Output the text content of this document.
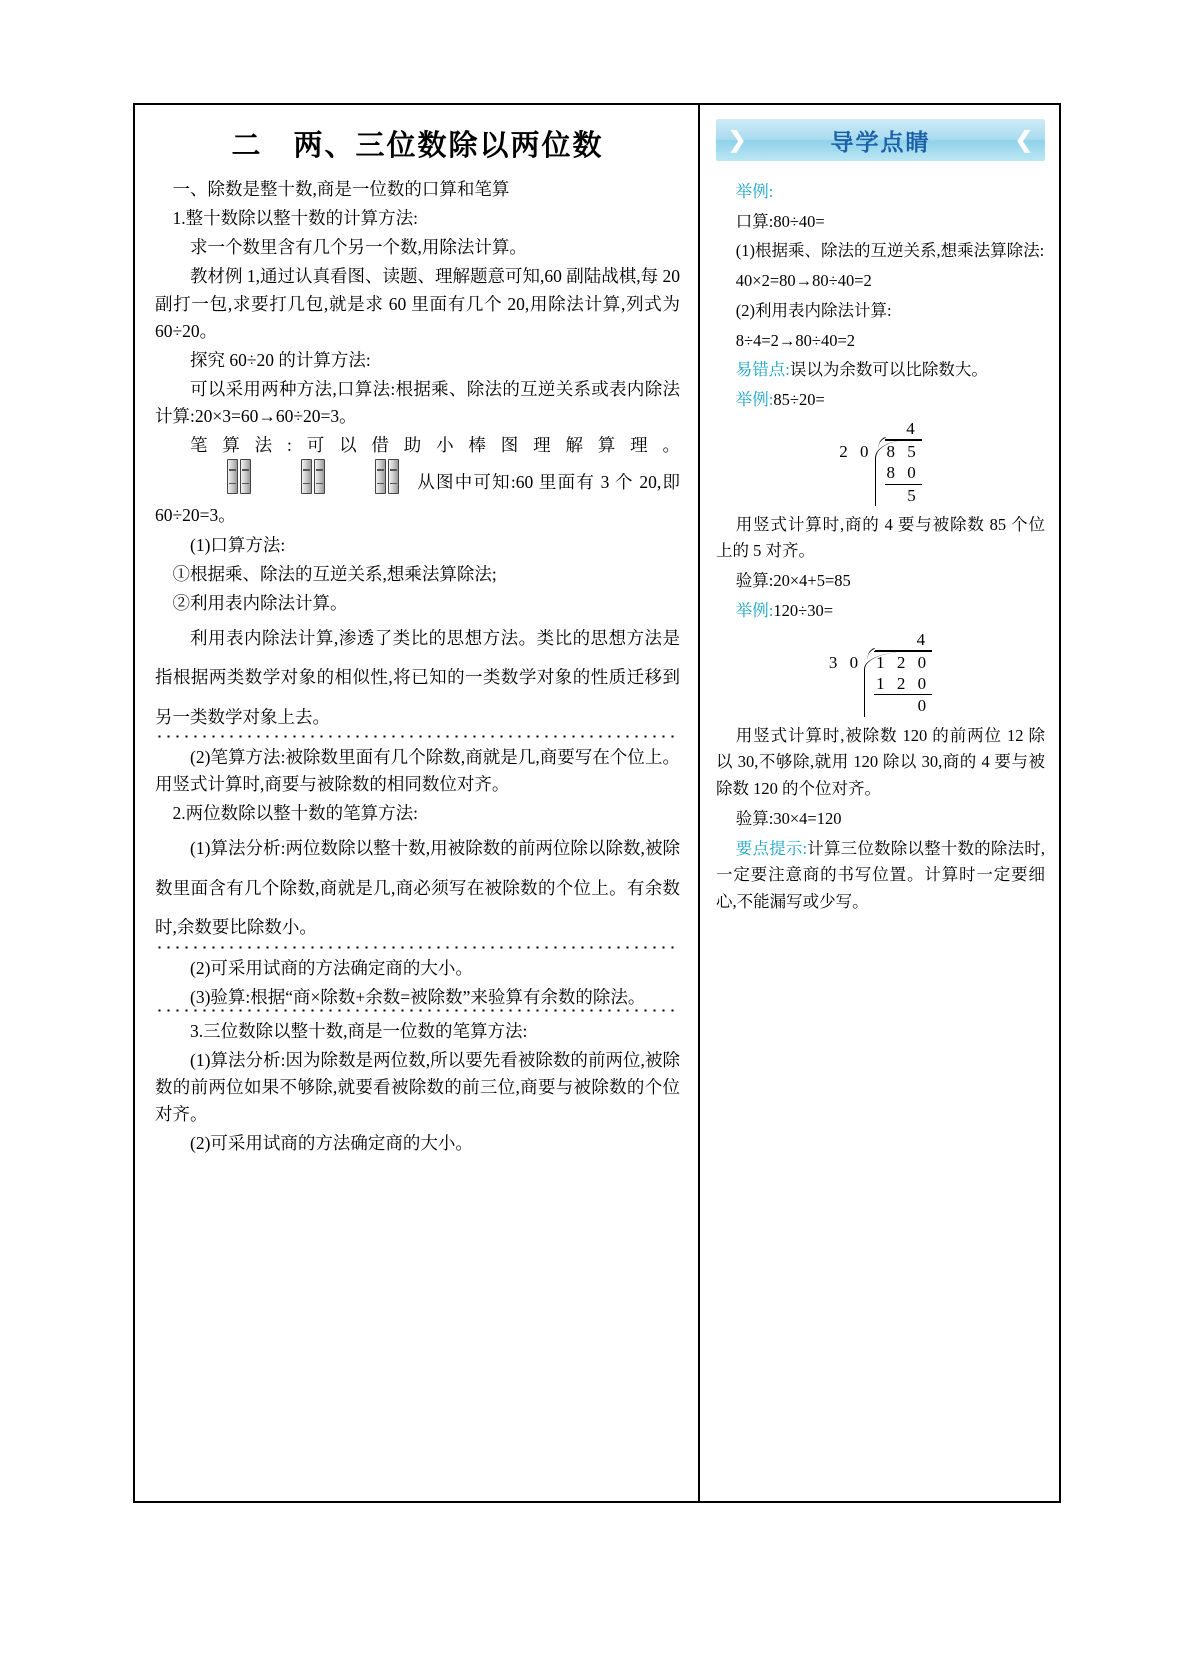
二　两、三位数除以两位数

一、除数是整十数,商是一位数的口算和笔算

1.整十数除以整十数的计算方法:

求一个数里含有几个另一个数,用除法计算。

教材例 1,通过认真看图、读题、理解题意可知,60 副陆战棋,每 20 副打一包,求要打几包,就是求 60 里面有几个 20,用除法计算,列式为 60÷20。

探究 60÷20 的计算方法:

可以采用两种方法,口算法:根据乘、除法的互逆关系或表内除法计算:20×3=60→60÷20=3。

笔算法:可以借助小棒图理解算理。从图中可知:60 里面有 3 个 20,即 60÷20=3。

(1)口算方法:

①根据乘、除法的互逆关系,想乘法算除法;

②利用表内除法计算。

利用表内除法计算,渗透了类比的思想方法。类比的思想方法是指根据两类数学对象的相似性,将已知的一类数学对象的性质迁移到另一类数学对象上去。

(2)笔算方法:被除数里面有几个除数,商就是几,商要写在个位上。用竖式计算时,商要与被除数的相同数位对齐。

2.两位数除以整十数的笔算方法:

(1)算法分析:两位数除以整十数,用被除数的前两位除以除数,被除数里面含有几个除数,商就是几,商必须写在被除数的个位上。有余数时,余数要比除数小。

(2)可采用试商的方法确定商的大小。

(3)验算:根据“商×除数+余数=被除数”来验算有余数的除法。

3.三位数除以整十数,商是一位数的笔算方法:

(1)算法分析:因为除数是两位数,所以要先看被除数的前两位,被除数的前两位如果不够除,就要看被除数的前三位,商要与被除数的个位对齐。

(2)可采用试商的方法确定商的大小。

❯	导学点睛	❮

举例:

口算:80÷40=

(1)根据乘、除法的互逆关系,想乘法算除法:

40×2=80→80÷40=2

(2)利用表内除法计算:

8÷4=2→80÷40=2

易错点:误以为余数可以比除数大。

举例:85÷20=

4
2 0 8 5
8 0
5

用竖式计算时,商的 4 要与被除数 85 个位上的 5 对齐。

验算:20×4+5=85

举例:120÷30=

4
3 0 1 2 0
1 2 0
0

用竖式计算时,被除数 120 的前两位 12 除以 30,不够除,就用 120 除以 30,商的 4 要与被除数 120 的个位对齐。

验算:30×4=120

要点提示:计算三位数除以整十数的除法时,一定要注意商的书写位置。计算时一定要细心,不能漏写或少写。
